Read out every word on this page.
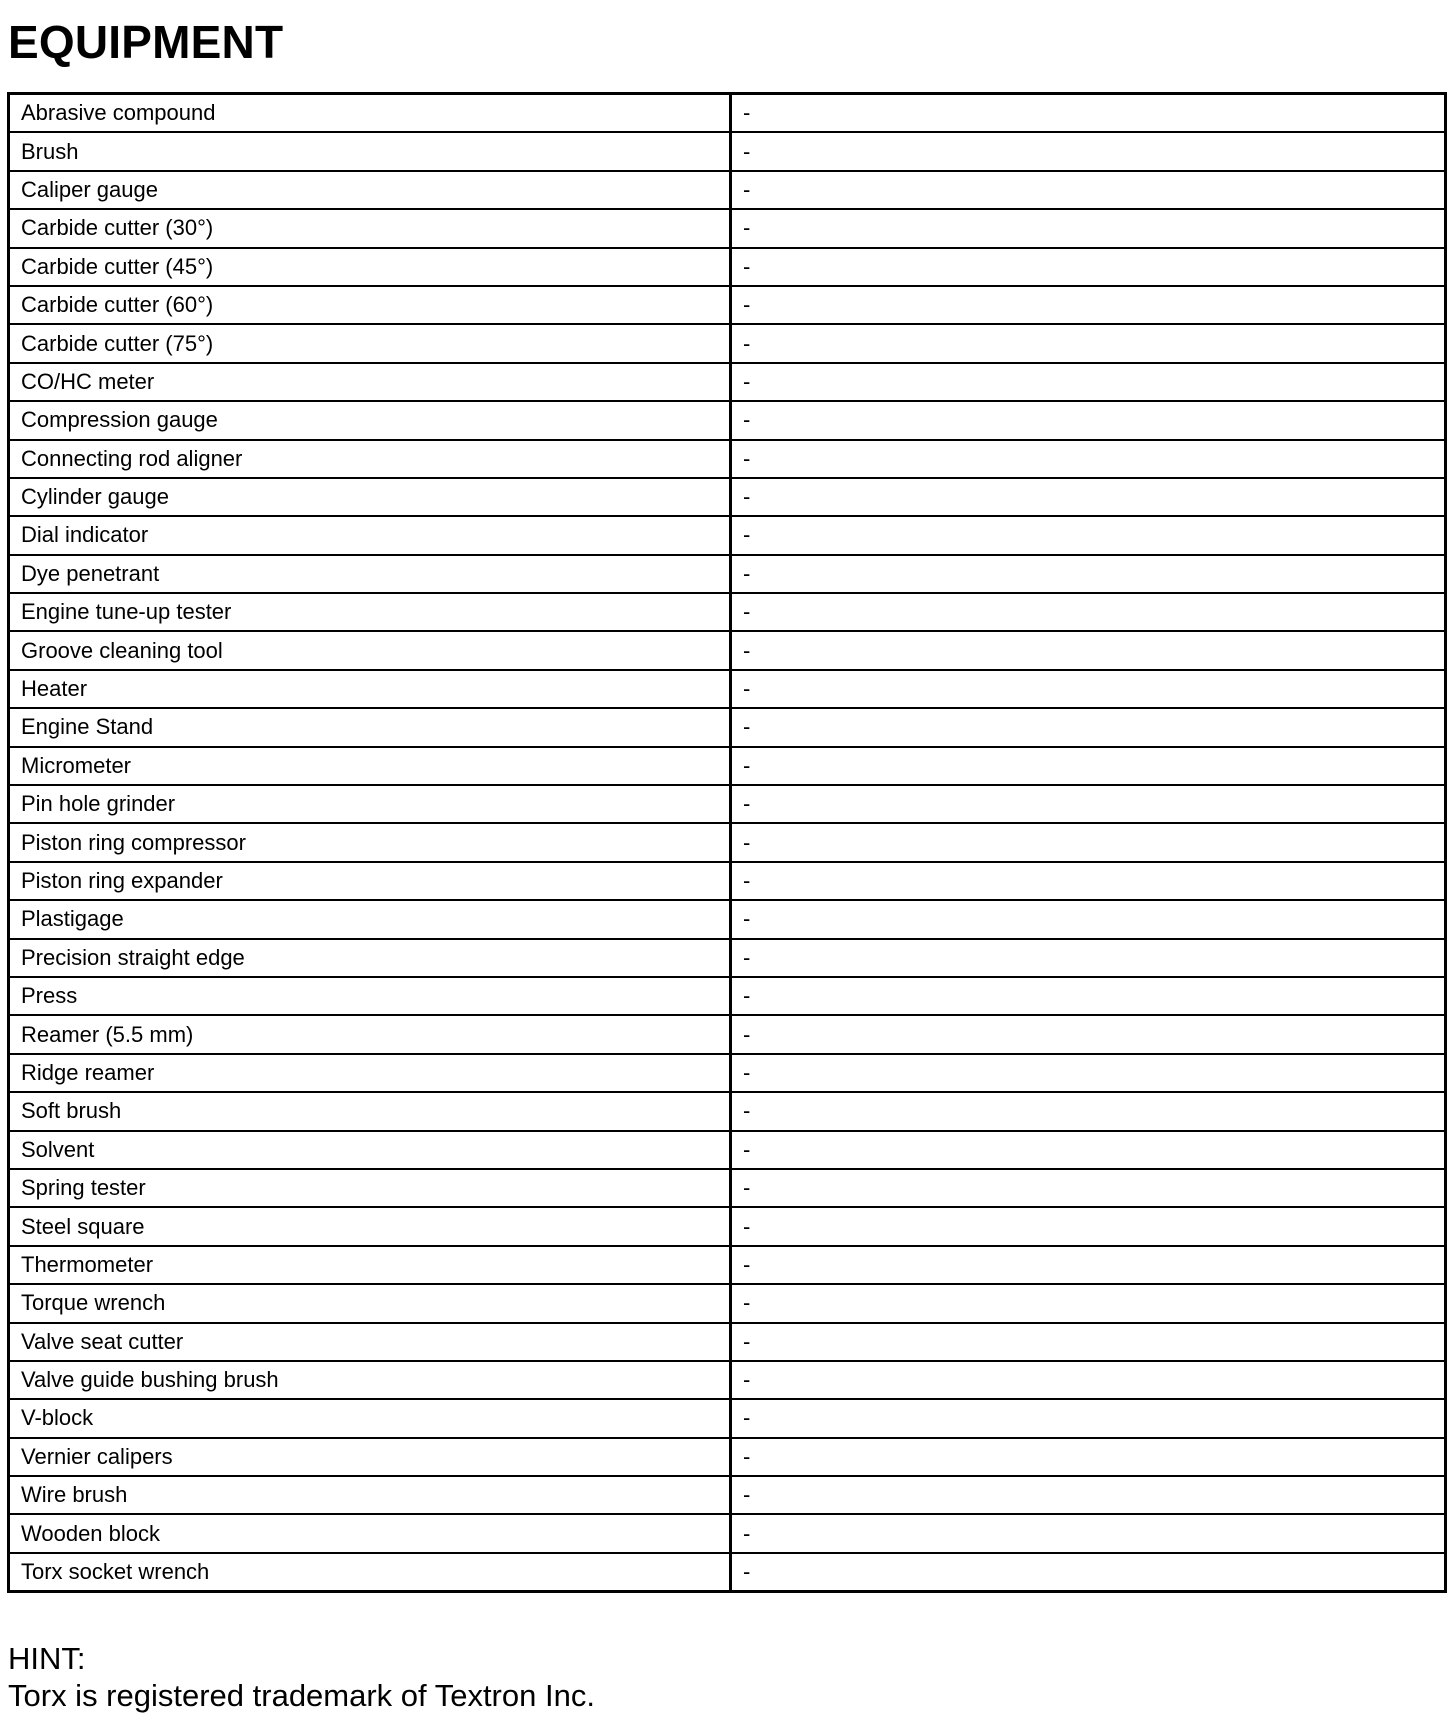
EQUIPMENT
Abrasive compound	-
Brush	-
Caliper gauge	-
Carbide cutter (30°)	-
Carbide cutter (45°)	-
Carbide cutter (60°)	-
Carbide cutter (75°)	-
CO/HC meter	-
Compression gauge	-
Connecting rod aligner	-
Cylinder gauge	-
Dial indicator	-
Dye penetrant	-
Engine tune-up tester	-
Groove cleaning tool	-
Heater	-
Engine Stand	-
Micrometer	-
Pin hole grinder	-
Piston ring compressor	-
Piston ring expander	-
Plastigage	-
Precision straight edge	-
Press	-
Reamer (5.5 mm)	-
Ridge reamer	-
Soft brush	-
Solvent	-
Spring tester	-
Steel square	-
Thermometer	-
Torque wrench	-
Valve seat cutter	-
Valve guide bushing brush	-
V-block	-
Vernier calipers	-
Wire brush	-
Wooden block	-
Torx socket wrench	-
HINT:
Torx is registered trademark of Textron Inc.
